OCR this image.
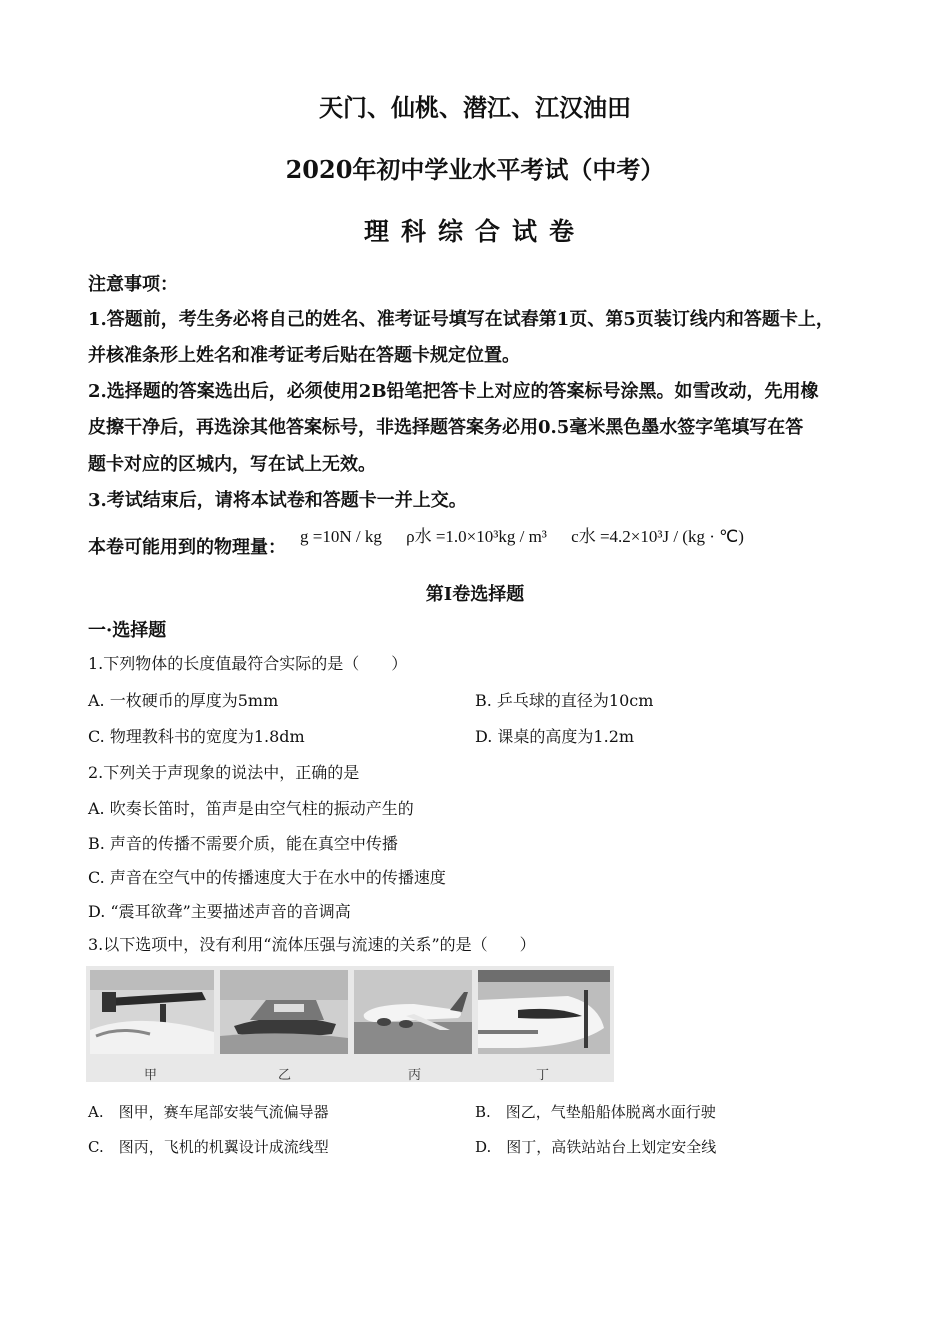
天门、仙桃、潜江、江汉油田
2020年初中学业水平考试（中考）
理科综合试卷
注意事项：
1.答题前，考生务必将自己的姓名、准考证号填写在试舂第1页、第5页装订线内和答题卡上，
并核准条形上姓名和准考证考后贴在答题卡规定位置。
2.选择题的答案选出后，必须使用2B铅笔把答卡上对应的答案标号涂黑。如雪改动，先用橡
皮擦干净后，再选涂其他答案标号，非选择题答案务必用0.5毫米黑色墨水签字笔填写在答
题卡对应的区城内，写在试上无效。
3.考试结束后，请将本试卷和答题卡一并上交。
本卷可能用到的物理量：
g =10N / kg ρ水 =1.0×10³kg / m³ c水 =4.2×10³J / (kg · ℃)
第Ⅰ卷选择题
一·选择题
1.下列物体的长度值最符合实际的是（　　）
A. 一枚硬币的厚度为5mm	B. 乒乓球的直径为10cm
C. 物理教科书的宽度为1.8dm	D. 课桌的高度为1.2m
2.下列关于声现象的说法中，正确的是
A. 吹奏长笛时，笛声是由空气柱的振动产生的
B. 声音的传播不需要介质，能在真空中传播
C. 声音在空气中的传播速度大于在水中的传播速度
D. “震耳欲聋”主要描述声音的音调高
3.以下选项中，没有利用“流体压强与流速的关系”的是（　　）
甲	乙	丙	丁
A.　图甲，赛车尾部安装气流偏导器	B.　图乙，气垫船船体脱离水面行驶
C.　图丙，飞机的机翼设计成流线型	D.　图丁，高铁站站台上划定安全线
